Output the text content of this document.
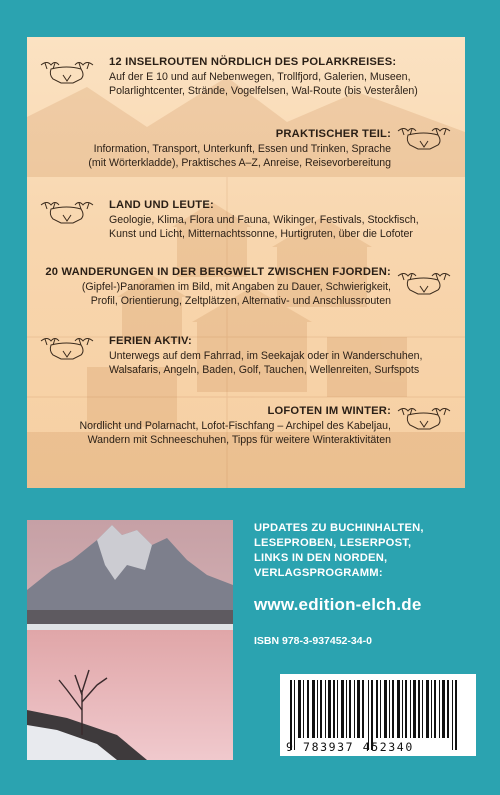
12 INSELROUTEN NÖRDLICH DES POLARKREISES:
Auf der E 10 und auf Nebenwegen, Trollfjord, Galerien, Museen,
Polarlightcenter, Strände, Vogelfelsen, Wal-Route (bis Vesterålen)
PRAKTISCHER TEIL:
Information, Transport, Unterkunft, Essen und Trinken, Sprache
(mit Wörterkladde), Praktisches A–Z, Anreise, Reisevorbereitung
LAND UND LEUTE:
Geologie, Klima, Flora und Fauna, Wikinger, Festivals, Stockfisch,
Kunst und Licht, Mitternachtssonne, Hurtigruten, über die Lofoter
20 WANDERUNGEN IN DER BERGWELT ZWISCHEN FJORDEN:
(Gipfel-)Panoramen im Bild, mit Angaben zu Dauer, Schwierigkeit,
Profil, Orientierung, Zeltplätzen, Alternativ- und Anschlussrouten
FERIEN AKTIV:
Unterwegs auf dem Fahrrad, im Seekajak oder in Wanderschuhen,
Walsafaris, Angeln, Baden, Golf, Tauchen, Wellenreiten, Surfspots
LOFOTEN IM WINTER:
Nordlicht und Polarnacht, Lofot-Fischfang – Archipel des Kabeljau,
Wandern mit Schneeschuhen, Tipps für weitere Winteraktivitäten
UPDATES ZU BUCHINHALTEN,
LESEPROBEN, LESERPOST,
LINKS IN DEN NORDEN,
VERLAGSPROGRAMM:
www.edition-elch.de
ISBN 978-3-937452-34-0
9 783937 452340
